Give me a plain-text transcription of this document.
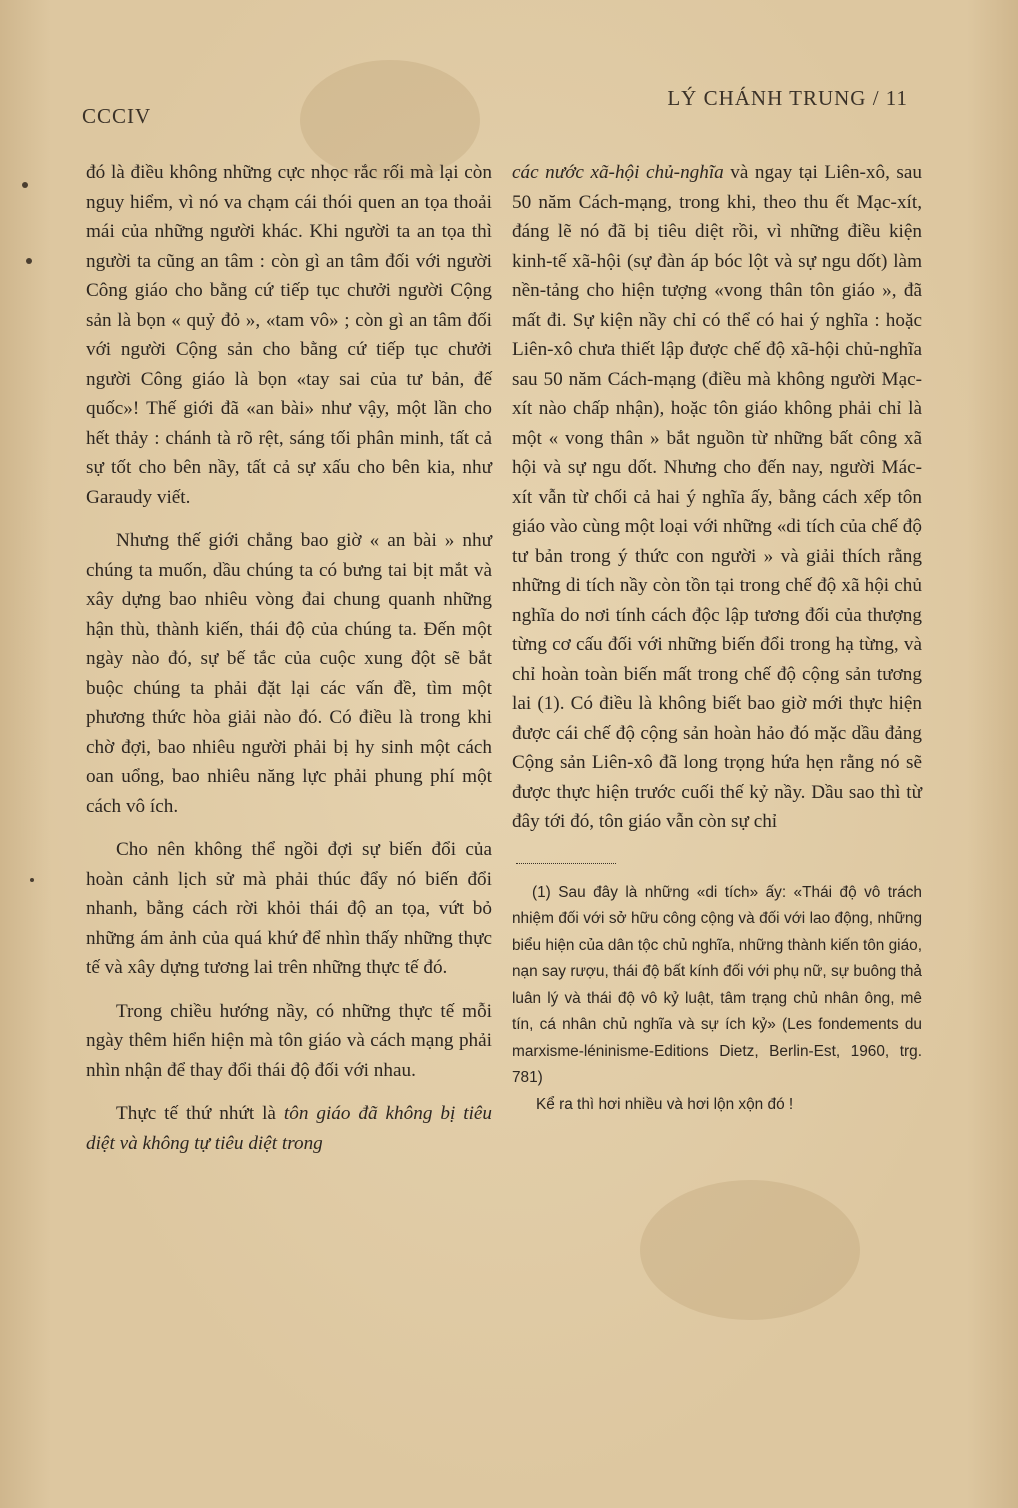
CCCIV
LÝ CHÁNH TRUNG / 11

đó là điều không những cực nhọc rắc rối mà lại còn nguy hiểm, vì nó va chạm cái thói quen an tọa thoải mái của những người khác. Khi người ta an tọa thì người ta cũng an tâm : còn gì an tâm đối với người Công giáo cho bằng cứ tiếp tục chưởi người Cộng sản là bọn « quỷ đỏ », «tam vô» ; còn gì an tâm đối với người Cộng sản cho bằng cứ tiếp tục chưởi người Công giáo là bọn «tay sai của tư bản, đế quốc»! Thế giới đã «an bài» như vậy, một lần cho hết thảy : chánh tà rõ rệt, sáng tối phân minh, tất cả sự tốt cho bên nầy, tất cả sự xấu cho bên kia, như Garaudy viết.

Nhưng thế giới chẳng bao giờ « an bài » như chúng ta muốn, dầu chúng ta có bưng tai bịt mắt và xây dựng bao nhiêu vòng đai chung quanh những hận thù, thành kiến, thái độ của chúng ta. Đến một ngày nào đó, sự bế tắc của cuộc xung đột sẽ bắt buộc chúng ta phải đặt lại các vấn đề, tìm một phương thức hòa giải nào đó. Có điều là trong khi chờ đợi, bao nhiêu người phải bị hy sinh một cách oan uổng, bao nhiêu năng lực phải phung phí một cách vô ích.

Cho nên không thể ngồi đợi sự biến đổi của hoàn cảnh lịch sử mà phải thúc đẩy nó biến đổi nhanh, bằng cách rời khỏi thái độ an tọa, vứt bỏ những ám ảnh của quá khứ để nhìn thấy những thực tế và xây dựng tương lai trên những thực tế đó.

Trong chiều hướng nầy, có những thực tế mỗi ngày thêm hiển hiện mà tôn giáo và cách mạng phải nhìn nhận để thay đổi thái độ đối với nhau.

Thực tế thứ nhứt là tôn giáo đã không bị tiêu diệt và không tự tiêu diệt trong

các nước xã-hội chủ-nghĩa và ngay tại Liên-xô, sau 50 năm Cách-mạng, trong khi, theo thu ết Mạc-xít, đáng lẽ nó đã bị tiêu diệt rồi, vì những điều kiện kinh-tế xã-hội (sự đàn áp bóc lột và sự ngu dốt) làm nền-tảng cho hiện tượng «vong thân tôn giáo », đã mất đi. Sự kiện nầy chỉ có thể có hai ý nghĩa : hoặc Liên-xô chưa thiết lập được chế độ xã-hội chủ-nghĩa sau 50 năm Cách-mạng (điều mà không người Mạc-xít nào chấp nhận), hoặc tôn giáo không phải chỉ là một « vong thân » bắt nguồn từ những bất công xã hội và sự ngu dốt. Nhưng cho đến nay, người Mác-xít vẫn từ chối cả hai ý nghĩa ấy, bằng cách xếp tôn giáo vào cùng một loại với những «di tích của chế độ tư bản trong ý thức con người » và giải thích rằng những di tích nầy còn tồn tại trong chế độ xã hội chủ nghĩa do nơi tính cách độc lập tương đối của thượng từng cơ cấu đối với những biến đổi trong hạ từng, và chỉ hoàn toàn biến mất trong chế độ cộng sản tương lai (1). Có điều là không biết bao giờ mới thực hiện được cái chế độ cộng sản hoàn hảo đó mặc dầu đảng Cộng sản Liên-xô đã long trọng hứa hẹn rằng nó sẽ được thực hiện trước cuối thế kỷ nầy. Dầu sao thì từ đây tới đó, tôn giáo vẫn còn sự chỉ

(1) Sau đây là những «di tích» ấy: «Thái độ vô trách nhiệm đối với sở hữu công cộng và đối với lao động, những biểu hiện của dân tộc chủ nghĩa, những thành kiến tôn giáo, nạn say rượu, thái độ bất kính đối với phụ nữ, sự buông thả luân lý và thái độ vô kỷ luật, tâm trạng chủ nhân ông, mê tín, cá nhân chủ nghĩa và sự ích kỷ» (Les fondements du marxisme-léninisme-Editions Dietz, Berlin-Est, 1960, trg. 781)

Kể ra thì hơi nhiều và hơi lộn xộn đó !
